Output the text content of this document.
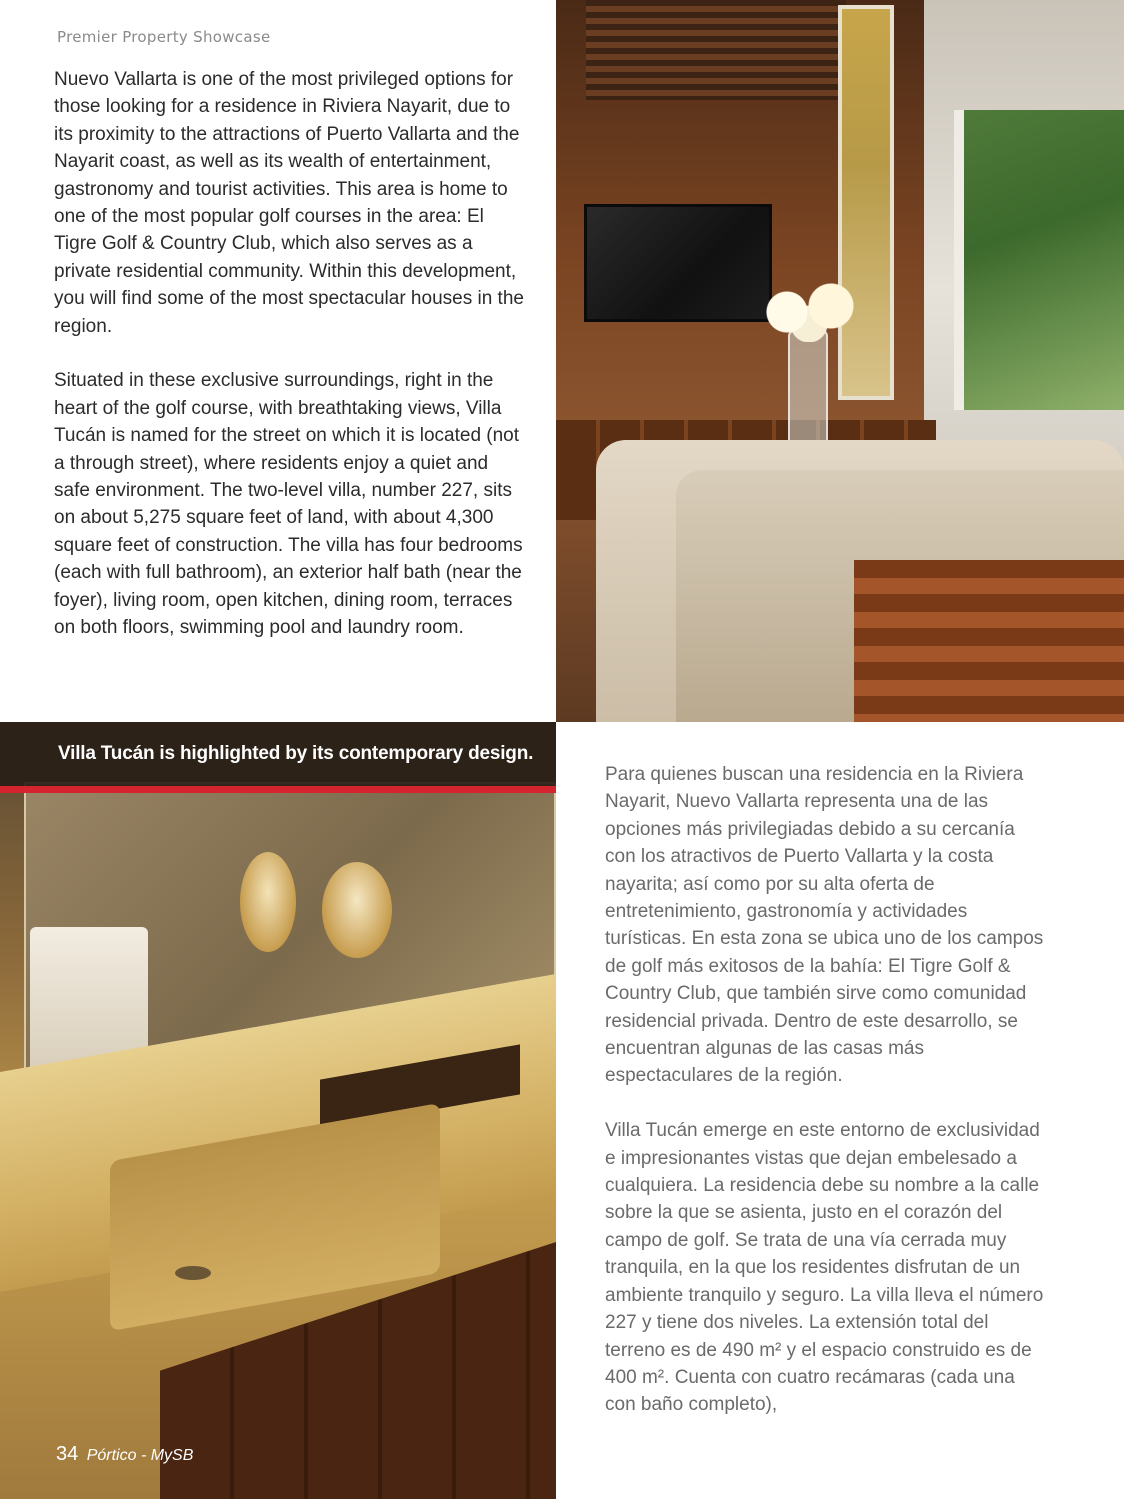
Premier Property Showcase

Nuevo Vallarta is one of the most privileged options for those looking for a residence in Riviera Nayarit, due to its proximity to the attractions of Puerto Vallarta and the Nayarit coast, as well as its wealth of entertainment, gastronomy and tourist activities. This area is home to one of the most popular golf courses in the area: El Tigre Golf & Country Club, which also serves as a private residential community. Within this development, you will find some of the most spectacular houses in the region.

Situated in these exclusive surroundings, right in the heart of the golf course, with breathtaking views, Villa Tucán is named for the street on which it is located (not a through street), where residents enjoy a quiet and safe environment. The two-level villa, number 227, sits on about 5,275 square feet of land, with about 4,300 square feet of construction. The villa has four bedrooms (each with full bathroom), an exterior half bath (near the foyer), living room, open kitchen, dining room, terraces on both floors, swimming pool and laundry room.

Villa Tucán is highlighted by its contemporary design.

Para quienes buscan una residencia en la Riviera Nayarit, Nuevo Vallarta representa una de las opciones más privilegiadas debido a su cercanía con los atractivos de Puerto Vallarta y la costa nayarita; así como por su alta oferta de entretenimiento, gastronomía y actividades turísticas. En esta zona se ubica uno de los campos de golf más exitosos de la bahía: El Tigre Golf & Country Club, que también sirve como comunidad residencial privada. Dentro de este desarrollo, se encuentran algunas de las casas más espectaculares de la región.

Villa Tucán emerge en este entorno de exclusividad e impresionantes vistas que dejan embelesado a cualquiera. La residencia debe su nombre a la calle sobre la que se asienta, justo en el corazón del campo de golf. Se trata de una vía cerrada muy tranquila, en la que los residentes disfrutan de un ambiente tranquilo y seguro. La villa lleva el número 227 y tiene dos niveles. La extensión total del terreno es de 490 m² y el espacio construido es de 400 m². Cuenta con cuatro recámaras (cada una con baño completo),

34 Pórtico - MySB
